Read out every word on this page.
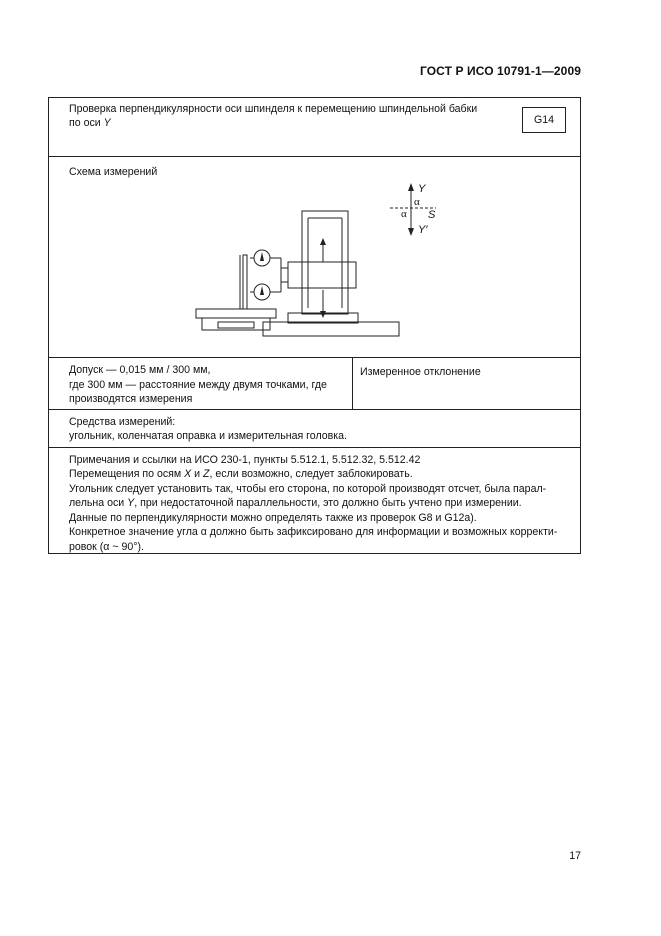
ГОСТ Р ИСО 10791-1—2009
Проверка перпендикулярности оси шпинделя к перемещению шпиндельной бабки
по оси Y	G14
Схема измерений
Допуск — 0,015 мм / 300 мм,
где 300 мм — расстояние между двумя точками, где
производятся измерения
Измеренное отклонение
Средства измерений:
угольник, коленчатая оправка и измерительная головка.
Примечания и ссылки на ИСО 230-1, пункты 5.512.1, 5.512.32, 5.512.42
Перемещения по осям X и Z, если возможно, следует заблокировать.
Угольник следует установить так, чтобы его сторона, по которой производят отсчет, была парал-
лельна оси Y, при недостаточной параллельности, это должно быть учтено при измерении.
Данные по перпендикулярности можно определять также из проверок G8 и G12a).
Конкретное значение угла α должно быть зафиксировано для информации и возможных корректи-
ровок (α ~ 90°).
Y
Y′
α
α S
17
